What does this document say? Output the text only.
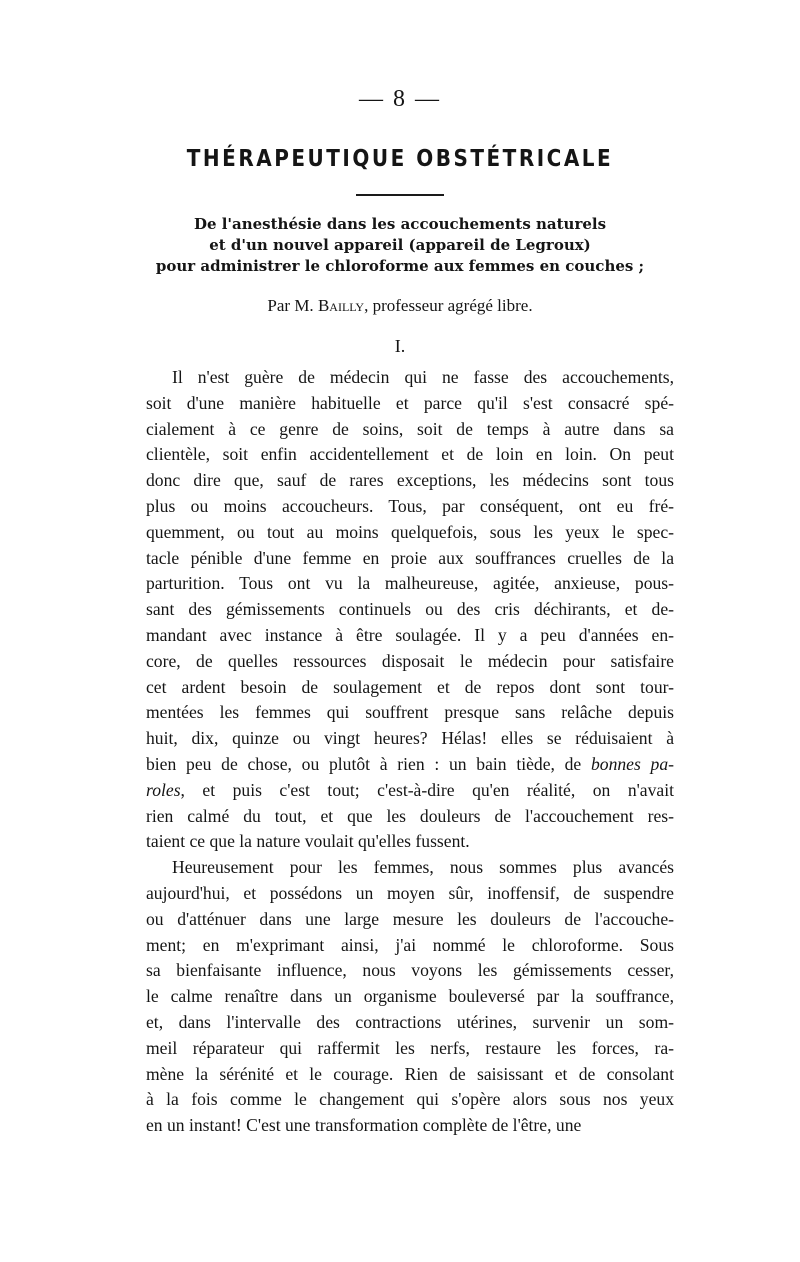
— 8 —
THÉRAPEUTIQUE OBSTÉTRICALE
De l'anesthésie dans les accouchements naturels
et d'un nouvel appareil (appareil de Legroux)
pour administrer le chloroforme aux femmes en couches ;
Par M. Bailly, professeur agrégé libre.
I.
Il n'est guère de médecin qui ne fasse des accouchements,
soit d'une manière habituelle et parce qu'il s'est consacré spé-
cialement à ce genre de soins, soit de temps à autre dans sa
clientèle, soit enfin accidentellement et de loin en loin. On peut
donc dire que, sauf de rares exceptions, les médecins sont tous
plus ou moins accoucheurs. Tous, par conséquent, ont eu fré-
quemment, ou tout au moins quelquefois, sous les yeux le spec-
tacle pénible d'une femme en proie aux souffrances cruelles de la
parturition. Tous ont vu la malheureuse, agitée, anxieuse, pous-
sant des gémissements continuels ou des cris déchirants, et de-
mandant avec instance à être soulagée. Il y a peu d'années en-
core, de quelles ressources disposait le médecin pour satisfaire
cet ardent besoin de soulagement et de repos dont sont tour-
mentées les femmes qui souffrent presque sans relâche depuis
huit, dix, quinze ou vingt heures? Hélas! elles se réduisaient à
bien peu de chose, ou plutôt à rien : un bain tiède, de bonnes pa-
roles, et puis c'est tout; c'est-à-dire qu'en réalité, on n'avait
rien calmé du tout, et que les douleurs de l'accouchement res-
taient ce que la nature voulait qu'elles fussent.
Heureusement pour les femmes, nous sommes plus avancés
aujourd'hui, et possédons un moyen sûr, inoffensif, de suspendre
ou d'atténuer dans une large mesure les douleurs de l'accouche-
ment; en m'exprimant ainsi, j'ai nommé le chloroforme. Sous
sa bienfaisante influence, nous voyons les gémissements cesser,
le calme renaître dans un organisme bouleversé par la souffrance,
et, dans l'intervalle des contractions utérines, survenir un som-
meil réparateur qui raffermit les nerfs, restaure les forces, ra-
mène la sérénité et le courage. Rien de saisissant et de consolant
à la fois comme le changement qui s'opère alors sous nos yeux
en un instant! C'est une transformation complète de l'être, une
